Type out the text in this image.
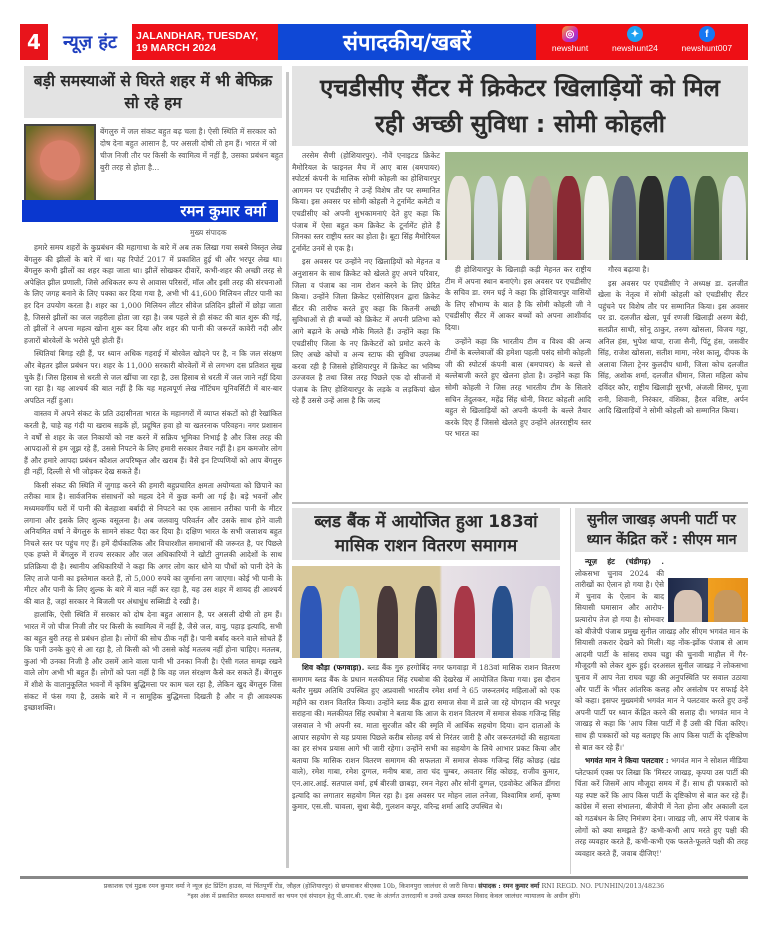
4	न्यूज़ हंट	JALANDHAR, TUESDAY,
19 MARCH 2024	संपादकीय/खबरें	◎
newshunt
✦
newshunt24
f
newshunt007
बड़ी समस्याओं से घिरते शहर में भी बेफिक्र सो रहे हम
बेंगलुरु में जल संकट बहुत बढ़ चला है। ऐसी स्थिति में सरकार को दोष देना बहुत आसान है, पर असली दोषी तो हम हैं। भारत में जो चीज निजी तौर पर किसी के स्वामित्व में नहीं है, उसका प्रबंधन बहुत बुरी तरह से होता है...
रमन कुमार वर्मा
मुख्य संपादक

हमारे समय शहरों के कुप्रबंधन की महागाथा के बारे में अब तक लिखा गया सबसे विस्तृत लेख बेंगलुरु की झीलों के बारे में था। यह रिपोर्ट 2017 में प्रकाशित हुई थी और भरपूर लेख था। बेंगलुरु कभी झीलों का शहर कहा जाता था। झीलें सोखकर दीवारें, कभी-शहर की अच्छी तरह से अपेक्षित झील प्रणाली, जिसे अधिकतर रूप से आवास परिसरों, मॉल और इसी तरह की संरचनाओं के लिए जगह बनाने के लिए पक्का कर दिया गया है, अभी भी 41,600 मिलियन लीटर पानी का हर दिन उपयोग करता है। शहर का 1,000 मिलियन लीटर सीवेज प्रतिदिन झीलों में छोड़ा जाता है, जिससे झीलों का जल जहरीला होता जा रहा है। जब पहले से ही संकट की बात शुरू की गई, तो झीलों ने अपना महत्व खोना शुरू कर दिया और शहर की पानी की जरूरतें कावेरी नदी और हजारों बोरवेलों के भरोसे पूरी होती हैं।

स्थितियां बिगड़ रही हैं, पर ध्यान अधिक गहराई में बोरवेल खोदने पर है, न कि जल संरक्षण और बेहतर झील प्रबंधन पर। शहर के 11,000 सरकारी बोरवेलों में से लगभग दस प्रतिशत सूख चुके हैं। जिस हिसाब से धरती से जल खींचा जा रहा है, उस हिसाब से धरती में जल जाने नहीं दिया जा रहा है। यह आश्चर्य की बात नहीं है कि यह महत्वपूर्ण लेख नॉटिंघम यूनिवर्सिटी में बार-बार अपठित नहीं हुआ।

वास्तव में अपने संकट के प्रति उदासीनता भारत के महानगरों में व्याप्त संकटों को ही रेखांकित करती है, चाहे वह गंदी या खराब सड़कें हों, प्रदूषित हवा हो या खतरनाक परिवहन। नगर प्रशासन ने वर्षों से शहर के जल निकायों को नष्ट करने में सक्रिय भूमिका निभाई है और जिस तरह की आपदाओं से हम जूझ रहे हैं, उससे निपटने के लिए हमारी सरकार तैयार नहीं है। हम कमजोर लोग हैं और हमारे आपदा प्रबंधन कौशल अपरिष्कृत और खराब हैं। वैसे इन टिप्पणियों को आप बेंगलुरु ही नहीं, दिल्ली से भी जोड़कर देख सकते हैं।

किसी संकट की स्थिति में जुगाड़ करने की हमारी बहुप्रचारित क्षमता अयोग्यता को छिपाने का तरीका मात्र है। सार्वजनिक संसाधनों को महत्व देने में कुछ कमी आ गई है। बड़े भवनों और मध्यमवर्गीय घरों में पानी की बेतहाशा बर्बादी से निपटने का एक आसान तरीका पानी के मीटर लगाना और इसके लिए शुल्क वसूलना है। अब जलवायु परिवर्तन और उसके साथ होने वाली अनियमित वर्षा ने बेंगलुरु के सामने संकट पैदा कर दिया है। दक्षिण भारत के सभी जलाशय बहुत निचले स्तर पर पहुंच गए हैं। हमें दीर्घकालिक और विचारशील समाधानों की जरूरत है, पर पिछले एक हफ्ते में बेंगलुरु में राज्य सरकार और जल अधिकारियों ने खोटी तुगलकी आदेशों के साथ प्रतिक्रिया दी है। स्थानीय अधिकारियों ने कहा कि अगर लोग कार धोने या पौधों को पानी देने के लिए ताजे पानी का इस्तेमाल करते हैं, तो 5,000 रुपये का जुर्माना लग जाएगा। कोई भी पानी के मीटर और पानी के लिए शुल्क के बारे में बात नहीं कर रहा है, यह उस शहर में शायद ही आश्चर्य की बात है, जहां सरकार ने बिजली पर अंधाधुंध सब्सिडी दे रखी है।

हालांकि, ऐसी स्थिति में सरकार को दोष देना बहुत आसान है, पर असली दोषी तो हम हैं। भारत में जो चीज निजी तौर पर किसी के स्वामित्व में नहीं है, जैसे जल, वायु, पहाड़ इत्यादि, सभी का बहुत बुरी तरह से प्रबंधन होता है। लोगों की सोच ठीक नहीं है। पानी बर्बाद करने वाले सोचते हैं कि पानी उनके कुएं से आ रहा है, तो किसी को भी उससे कोई मतलब नहीं होना चाहिए। मतलब, कुआं भी उनका निजी है और उसमें आने वाला पानी भी उनका निजी है। ऐसी गलत समझ रखने वाले लोग अभी भी बहुत हैं। लोगों को पता नहीं है कि वह जल संरक्षण कैसे कर सकते हैं। बेंगलुरु में शीशे के वातानुकूलित भवनों में कृत्रिम बुद्धिमत्ता पर काम चल रहा है, लेकिन खुद बेंगलुरु जिस संकट में फंस गया है, उसके बारे में न सामूहिक बुद्धिमत्ता दिखती है और न ही आवश्यक इच्छाशक्ति।

एचडीसीए सैंटर में क्रिकेटर खिलाड़ियों को मिल रही अच्छी सुविधा : सोमी कोहली

तरसेम सैणी (होशियारपुर). नौवें एनाइटड क्रिकेट मैमोरियल के फाइनल मैच में आए बास (बमपायर) स्पोटर्स कंपनी के मालिक सोमी कोहली का होशियारपुर आगमन पर एचडीसीए ने उन्हें विशेष तौर पर सम्मानित किया। इस अवसर पर सोमी कोहली ने टूर्नामेंट कमेटी व एचडीसीए को अपनी शुभकामनाएं देते हुए कहा कि पंजाब में ऐसा बहुत कम क्रिकेट के टूर्नामेंट होते हैं जिनका स्तर राष्ट्रीय स्तर का होता है। बूटा सिंह मैमोरियल टूर्नामेंट उनमें से एक है।

इस अवसर पर उन्होंने नए खिलाड़ियों को मेहनत व अनुशासन के साथ क्रिकेट को खेलते हुए अपने परिवार, जिला व पंजाब का नाम रोशन करने के लिए प्रेरित किया। उन्होंने जिला क्रिकेट एसोसिएशन द्वारा क्रिकेट सैंटर की तारीफ करते हुए कहा कि कितनी अच्छी सुविधाओं से ही बच्चों को क्रिकेट में अपनी प्रतिभा को आगे बढ़ाने के अच्छे मौके मिलते हैं। उन्होंने कहा कि एचडीसीए जिला के नए क्रिकेटरों को प्रमोट करने के लिए अच्छे कोचों व अन्य स्टाफ की सुविधा उपलब्ध करवा रही है जिससे होशियारपुर में क्रिकेट का भविष्य उज्जवल है तथा जिस तरह पिछले एक दो सीजनों में पंजाब के लिए होशियारपुर के लड़के व लड़कियां खेल रहे हैं उससे उन्हें आस है कि जल्द

ही होशियारपुर के खिलाड़ी कड़ी मेहनत कर राष्ट्रीय टीम में अपना स्थान बनाएंगे। इस अवसर पर एचडीसीए के सचिव डा. रमन घई ने कहा कि होशियारपुर वासियों के लिए सौभाग्य के बात है कि सोमी कोहली जी ने एचडीसीए सैंटर में आकर बच्चों को अपना आशीर्वाद दिया।

उन्होंने कहा कि भारतीय टीम व विश्व की अन्य टीमों के बल्लेबाजों की हमेशा पहली पसंद सोमी कोहली जी की स्पोटर्स कंपनी बास (बमपायर) के बल्ले से बल्लेबाजी करते हुए खेलना होता है। उन्होंने कहा कि सोमी कोहली ने जिस तरह भारतीय टीम के सितारे सचिन तेंदुलकर, महेंद्र सिंह धोनी, विराट कोहली आदि बहुत से खिलाड़ियों को अपनी कंपनी के बल्ले तैयार करके दिए हैं जिससे खेलते हुए उन्होंने अंतरराष्ट्रीय स्तर पर भारत का

गौरव बढ़ाया है।

इस अवसर पर एचडीसीए ने अध्यक्ष डा. दलजीत खेला के नेतृत्व में सोमी कोहली को एचडीसीए सैंटर पहुंचने पर विशेष तौर पर सम्मानित किया। इस अवसर पर डा. दलजीत खेला, पूर्व रणजी खिलाड़ी अरुण बेदी, सतप्रीत साथी, सोनू ठाकुर, तरुण खोसला, विजय गट्टा, अनिल हंस, भुपेश थापा, राजा सैनी, पिंटू हंस, जसवीर सिंह, राजेश खोसला, सतीश मामा, नरेश कालू, दीपक के अलावा जिला ट्रेनर कुलदीप धामी, जिला कोच दलजीत सिंह, अशोक शर्मा, दलजीत धीमान, जिला महिला कोच दविंदर कौर, राष्ट्रीय खिलाड़ी सुरभी, अंजली सिमर, पूजा रानी, शिवानी, निरंकार, वंशिका, हैरल वशिष्ट, अर्पन आदि खिलाड़ियों ने सोमी कोहली को सम्मानित किया।

ब्लड बैंक में आयोजित हुआ 183वां मासिक राशन वितरण समागम

शिव कौड़ा (फगवाड़ा). ब्लड बैंक गुरु हरगोबिंद नगर फगवाड़ा में 183वां मासिक राशन वितरण समागम ब्लड बैंक के प्रधान मलकीयत सिंह रघबोत्रा की देखरेख में आयोजित किया गया। इस दौरान बतौर मुख्य अतिथि उपस्थित हुए अप्रवासी भारतीय रमेश शर्मा ने 65 जरूरतमंद महिलाओं को एक महीने का राशन वितरित किया। उन्होंने ब्लड बैंक द्वारा समाज सेवा में डाले जा रहे योगदान की भरपूर सराहना की। मलकीयत सिंह रघबोत्रा ने बताया कि आज के राशन वितरण में समाज सेवक गजिन्द्र सिंह जसवाल ने भी अपनी स्व. माता सुरजीत कौर की स्मृति में आर्थिक सहयोग दिया। दान दाताओं के आपार सहयोग से यह प्रयास पिछले करीब सोलह वर्ष से निरंतर जारी है और जरूरतमंदों की सहायता का हर संभव प्रयास आगे भी जारी रहेगा। उन्होंने सभी का सहयोग के लिये आभार प्रकट किया और बताया कि मासिक राशन वितरण समागम की सफलता में समाज सेवक गजिन्द्र सिंह कोछड़ (खंड वाले), रमेश गाबा, रमेश दुग्गल, मनीष बत्रा, तारा चंद चुम्बर, अवतार सिंह कोछड़, राजीव कुमार, एन.आर.आई. सतपाल वर्मा, हर्ष बीरजी छाबड़ा, रमन नेहरा और सोनी दुग्गल, एडवोकेट अंकित डींगरा इत्यादि का लगातार सहयोग मिल रहा है। इस अवसर पर मोहन लाल तनेजा, विश्वामित्र शर्मा, कृष्ण कुमार, एस.सी. चावला, सुधा बेदी, गुलशन कपूर, वरिन्द्र शर्मा आदि उपस्थित थे।

सुनील जाखड़ अपनी पार्टी पर ध्यान केंद्रित करें : सीएम मान

न्यूज़ हंट (चंडीगढ़) . लोकसभा चुनाव 2024 की तारीखों का ऐलान हो गया है। ऐसे में चुनाव के ऐलान के बाद सियासी घमासान और आरोप-प्रत्यारोप तेज हो गया है। सोमवार को बीजेपी पंजाब प्रमुख सुनील जाखड़ और सीएम भगवंत मान के सियासी तकरार देखने को मिली। यह नोंक-झोंक पंजाब से आम आदमी पार्टी के सांसद राघव चड्ढा की चुनावी माहौल में गैर-मौजूदगी को लेकर शुरू हुई। दरअसल सुनील जाखड़ ने लोकसभा चुनाव में आप नेता राघव चड्ढा की अनुपस्थिति पर सवाल उठाया और पार्टी के भीतर आंतरिक कलह और असंतोष पर सफाई देने को कहा। इसपर मुख्यमंत्री भगवंत मान ने पलटवार करते हुए उन्हें अपनी पार्टी पर ध्यान केंद्रित करने की सलाह दी। भगवंत मान ने जाखड़ से कहा कि 'आप जिस पार्टी में हैं उसी की चिंता करिए। साथ ही पत्रकारों को यह बताइए कि आप किस पार्टी के दृष्टिकोण से बात कर रहे हैं।'

भगवंत मान ने किया पलटवार : भगवंत मान ने सोशल मीडिया प्लेटफार्म एक्स पर लिखा कि 'मिस्टर जाखड़, कृपया उस पार्टी की चिंता करें जिसमें आप मौजूदा समय में हैं। साथ ही पत्रकारों को यह स्पष्ट करें कि आप किस पार्टी के दृष्टिकोण से बात कर रहे हैं। कांग्रेस में सत्ता संभालना, बीजेपी में नेता होना और अकाली दल को गठबंधन के लिए निमंत्रण देना। जाखड़ जी, आप मेरे पंजाब के लोगों को क्या समझते हैं? कभी-कभी आप मरते हुए पक्षी की तरह व्यवहार करते हैं, कभी-कभी एक फलते-फूलते पक्षी की तरह व्यवहार करते हैं, जवाब दीजिए!'

प्रकाशक एवं मुद्रक रमन कुमार वर्मा ने न्यूज हंट प्रिंटिंग हाउस, मां चिंतपूर्णी रोड, जौहल (होशियारपुर) से छपवाकर बीएक्स 10b, किशनपुरा जालंधर से जारी किया। संपादक : रमन कुमार वर्मा RNI REGD. NO. PUNHIN/2013/48236
*इस अंक में प्रकाशित समस्त समाचारों का चयन एवं संपादन हेतु पी.आर.बी. एक्ट के अंतर्गत उत्तरदायी व उनसे उत्पन्न समस्त विवाद केवल जालंधर न्यायालय के अधीन होंगे।
